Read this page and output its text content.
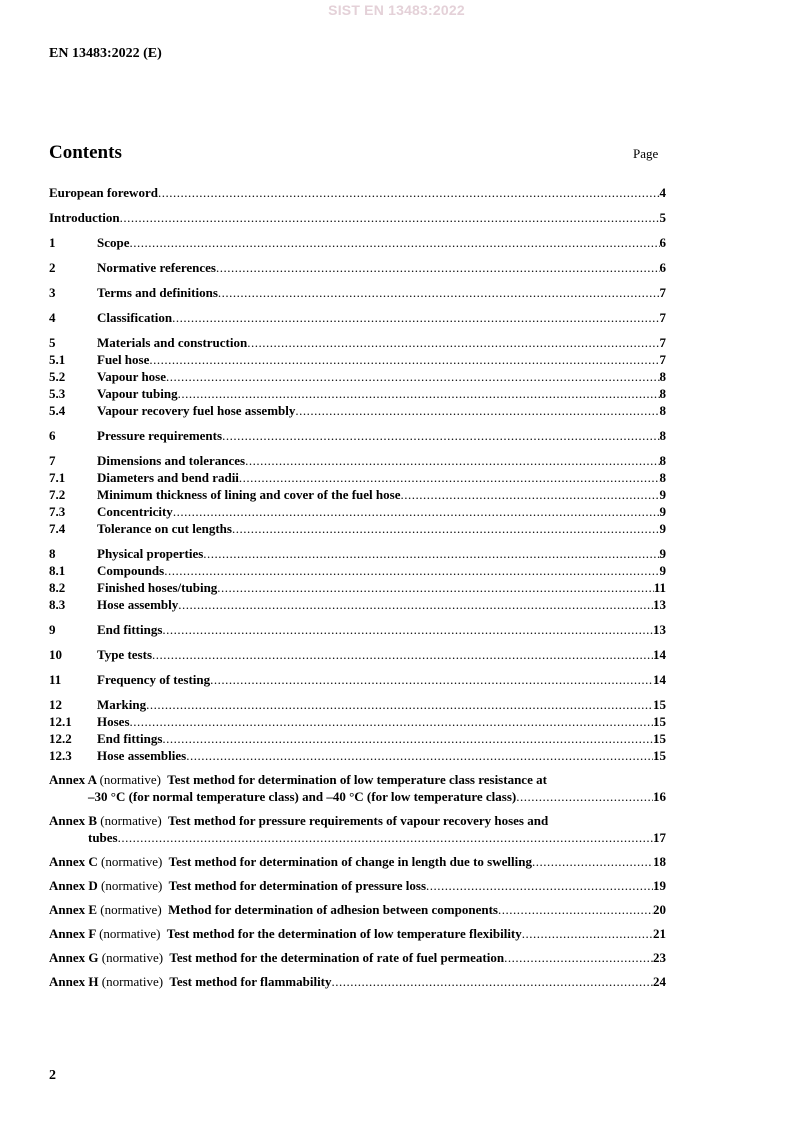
SIST EN 13483:2022
EN 13483:2022 (E)
Contents	Page
European foreword .....	4
Introduction .....	5
1	Scope .....	6
2	Normative references .....	6
3	Terms and definitions .....	7
4	Classification .....	7
5	Materials and construction .....	7
5.1	Fuel hose .....	7
5.2	Vapour hose .....	8
5.3	Vapour tubing .....	8
5.4	Vapour recovery fuel hose assembly .....	8
6	Pressure requirements .....	8
7	Dimensions and tolerances .....	8
7.1	Diameters and bend radii .....	8
7.2	Minimum thickness of lining and cover of the fuel hose .....	9
7.3	Concentricity .....	9
7.4	Tolerance on cut lengths .....	9
8	Physical properties .....	9
8.1	Compounds .....	9
8.2	Finished hoses/tubing .....	11
8.3	Hose assembly .....	13
9	End fittings .....	13
10	Type tests .....	14
11	Frequency of testing .....	14
12	Marking .....	15
12.1	Hoses .....	15
12.2	End fittings .....	15
12.3	Hose assemblies .....	15
Annex A (normative) Test method for determination of low temperature class resistance at
–30 °C (for normal temperature class) and –40 °C (for low temperature class) .....	16
Annex B (normative) Test method for pressure requirements of vapour recovery hoses and
tubes .....	17
Annex C (normative) Test method for determination of change in length due to swelling .....	18
Annex D (normative) Test method for determination of pressure loss .....	19
Annex E (normative) Method for determination of adhesion between components .....	20
Annex F (normative) Test method for the determination of low temperature flexibility .....	21
Annex G (normative) Test method for the determination of rate of fuel permeation .....	23
Annex H (normative) Test method for flammability .....	24
2
